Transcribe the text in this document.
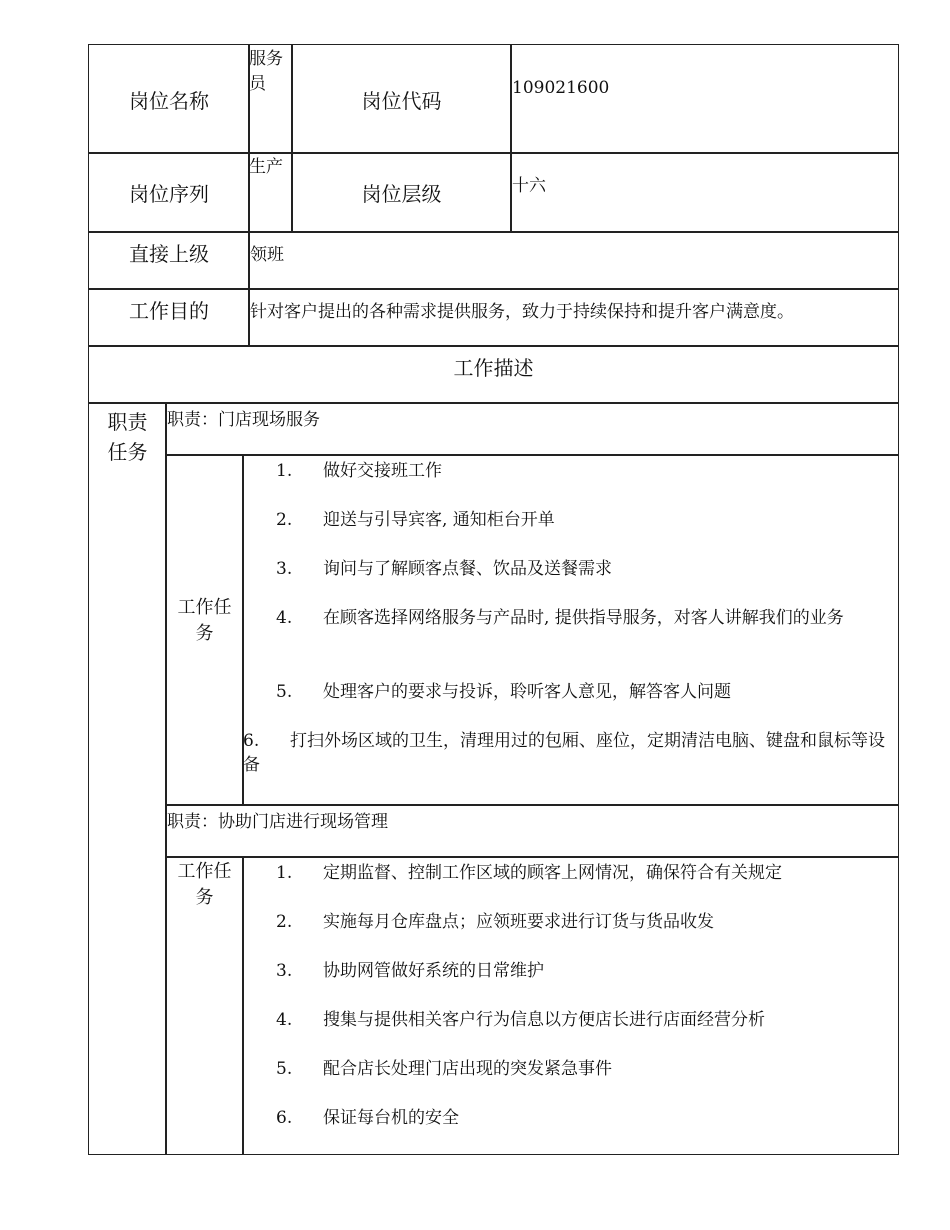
岗位名称
服务员
岗位代码
109021600
岗位序列
生产
岗位层级	十六
直接上级 领班
工作目的 针对客户提出的各种需求提供服务，致力于持续保持和提升客户满意度。
工作描述
职责任务
职责：门店现场服务
工作任务
1. 做好交接班工作
2. 迎送与引导宾客, 通知柜台开单
3. 询问与了解顾客点餐、饮品及送餐需求
4. 在顾客选择网络服务与产品时, 提供指导服务，对客人讲解我们的业务
5. 处理客户的要求与投诉，聆听客人意见，解答客人问题
6. 打扫外场区域的卫生，清理用过的包厢、座位，定期清洁电脑、键盘和鼠标等设备
职责：协助门店进行现场管理
工作任务
1. 定期监督、控制工作区域的顾客上网情况，确保符合有关规定
2. 实施每月仓库盘点；应领班要求进行订货与货品收发
3. 协助网管做好系统的日常维护
4. 搜集与提供相关客户行为信息以方便店长进行店面经营分析
5. 配合店长处理门店出现的突发紧急事件
6. 保证每台机的安全
